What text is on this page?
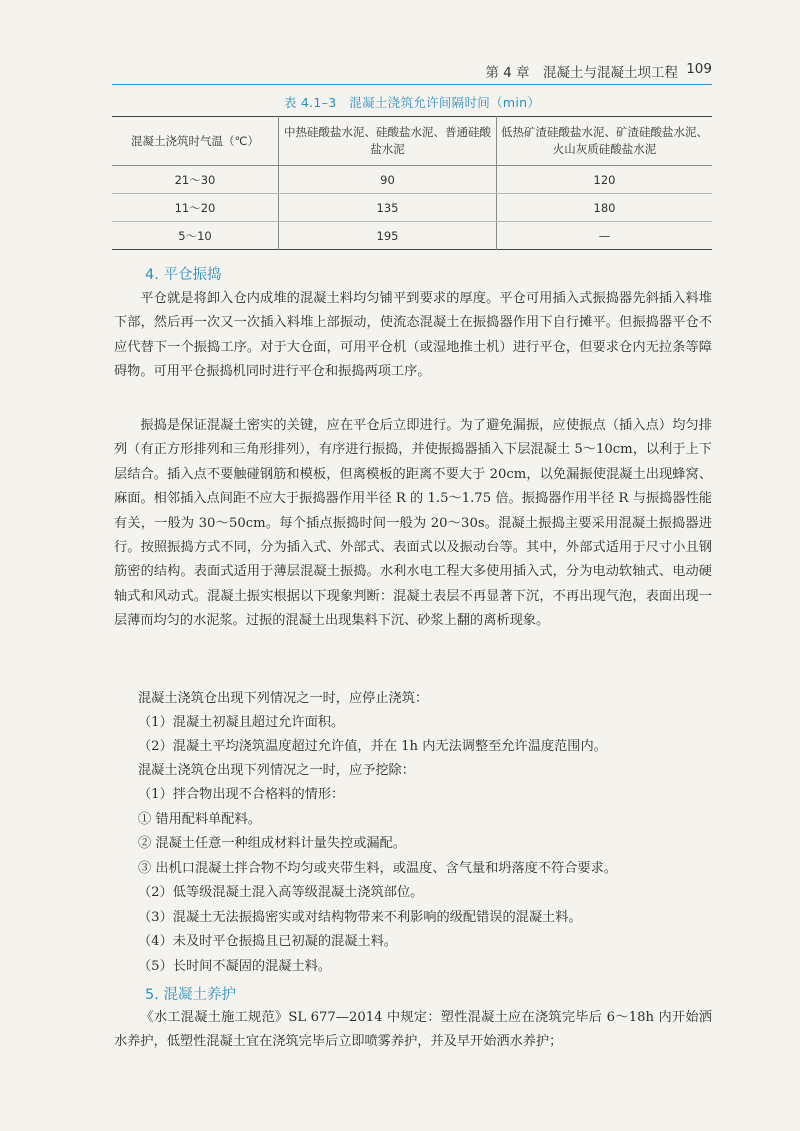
第 4 章　混凝土与混凝土坝工程 109
表 4.1–3　混凝土浇筑允许间隔时间（min）
混凝土浇筑时气温（℃）	中热硅酸盐水泥、硅酸盐水泥、普通硅酸盐水泥	低热矿渣硅酸盐水泥、矿渣硅酸盐水泥、火山灰质硅酸盐水泥
21～30	90	120
11～20	135	180
5～10	195	—
4. 平仓振捣

平仓就是将卸入仓内成堆的混凝土料均匀铺平到要求的厚度。平仓可用插入式振捣器先斜插入料堆下部，然后再一次又一次插入料堆上部振动，使流态混凝土在振捣器作用下自行摊平。但振捣器平仓不应代替下一个振捣工序。对于大仓面，可用平仓机（或湿地推土机）进行平仓，但要求仓内无拉条等障碍物。可用平仓振捣机同时进行平仓和振捣两项工序。

振捣是保证混凝土密实的关键，应在平仓后立即进行。为了避免漏振，应使振点（插入点）均匀排列（有正方形排列和三角形排列），有序进行振捣，并使振捣器插入下层混凝土 5～10cm，以利于上下层结合。插入点不要触碰钢筋和模板，但离模板的距离不要大于 20cm，以免漏振使混凝土出现蜂窝、麻面。相邻插入点间距不应大于振捣器作用半径 R 的 1.5～1.75 倍。振捣器作用半径 R 与振捣器性能有关，一般为 30～50cm。每个插点振捣时间一般为 20～30s。混凝土振捣主要采用混凝土振捣器进行。按照振捣方式不同，分为插入式、外部式、表面式以及振动台等。其中，外部式适用于尺寸小且钢筋密的结构。表面式适用于薄层混凝土振捣。水利水电工程大多使用插入式，分为电动软轴式、电动硬轴式和风动式。混凝土振实根据以下现象判断：混凝土表层不再显著下沉，不再出现气泡，表面出现一层薄而均匀的水泥浆。过振的混凝土出现集料下沉、砂浆上翻的离析现象。

混凝土浇筑仓出现下列情况之一时，应停止浇筑：

（1）混凝土初凝且超过允许面积。

（2）混凝土平均浇筑温度超过允许值，并在 1h 内无法调整至允许温度范围内。

混凝土浇筑仓出现下列情况之一时，应予挖除：

（1）拌合物出现不合格料的情形：

① 错用配料单配料。

② 混凝土任意一种组成材料计量失控或漏配。

③ 出机口混凝土拌合物不均匀或夹带生料，或温度、含气量和坍落度不符合要求。

（2）低等级混凝土混入高等级混凝土浇筑部位。

（3）混凝土无法振捣密实或对结构物带来不利影响的级配错误的混凝土料。

（4）未及时平仓振捣且已初凝的混凝土料。

（5）长时间不凝固的混凝土料。

5. 混凝土养护

《水工混凝土施工规范》SL 677—2014 中规定：塑性混凝土应在浇筑完毕后 6～18h 内开始洒水养护，低塑性混凝土宜在浇筑完毕后立即喷雾养护，并及早开始洒水养护；
